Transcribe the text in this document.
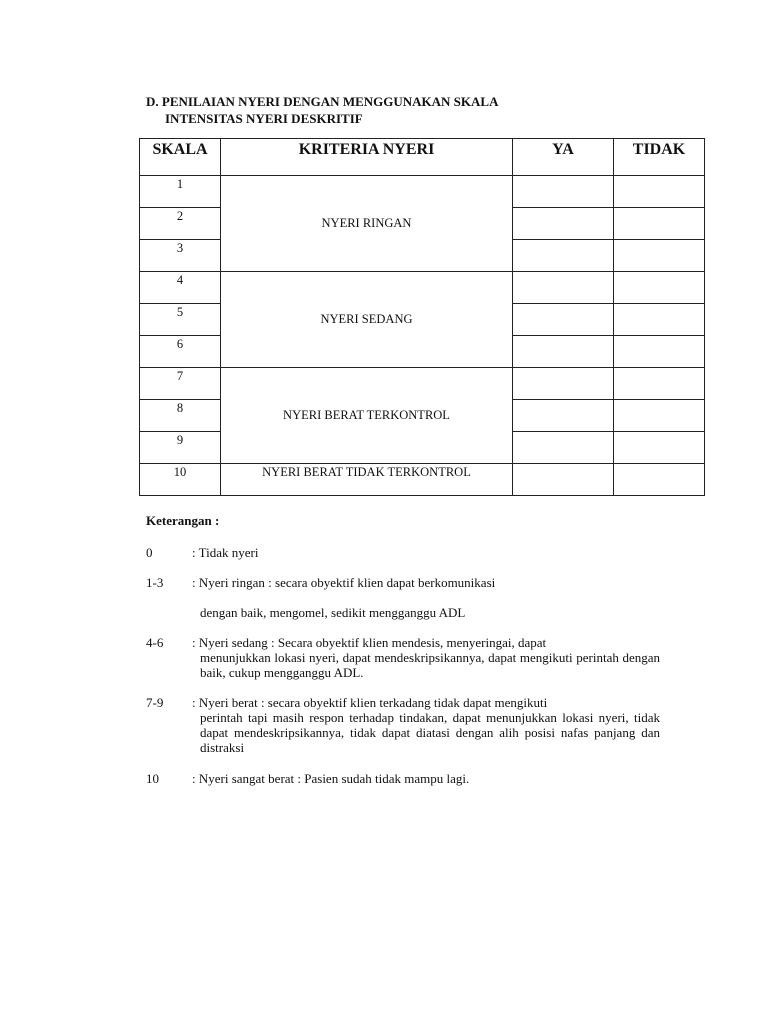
D. PENILAIAN NYERI DENGAN MENGGUNAKAN SKALA
INTENSITAS NYERI DESKRITIF
SKALA	KRITERIA NYERI	YA	TIDAK
1	NYERI RINGAN		
2			
3			
4	NYERI SEDANG		
5			
6			
7	NYERI BERAT TERKONTROL		
8			
9			
10	NYERI BERAT TIDAK TERKONTROL		
Keterangan :
0	: Tidak nyeri
1-3	: Nyeri ringan : secara obyektif klien dapat berkomunikasi
dengan baik, mengomel, sedikit mengganggu ADL
4-6	: Nyeri sedang : Secara obyektif klien mendesis, menyeringai, dapat
menunjukkan lokasi nyeri, dapat mendeskripsikannya, dapat mengikuti perintah dengan baik, cukup mengganggu ADL.
7-9	: Nyeri berat : secara obyektif klien terkadang tidak dapat mengikuti
perintah tapi masih respon terhadap tindakan, dapat menunjukkan lokasi nyeri, tidak dapat mendeskripsikannya, tidak dapat diatasi dengan alih posisi nafas panjang dan distraksi
10	: Nyeri sangat berat : Pasien sudah tidak mampu lagi.
